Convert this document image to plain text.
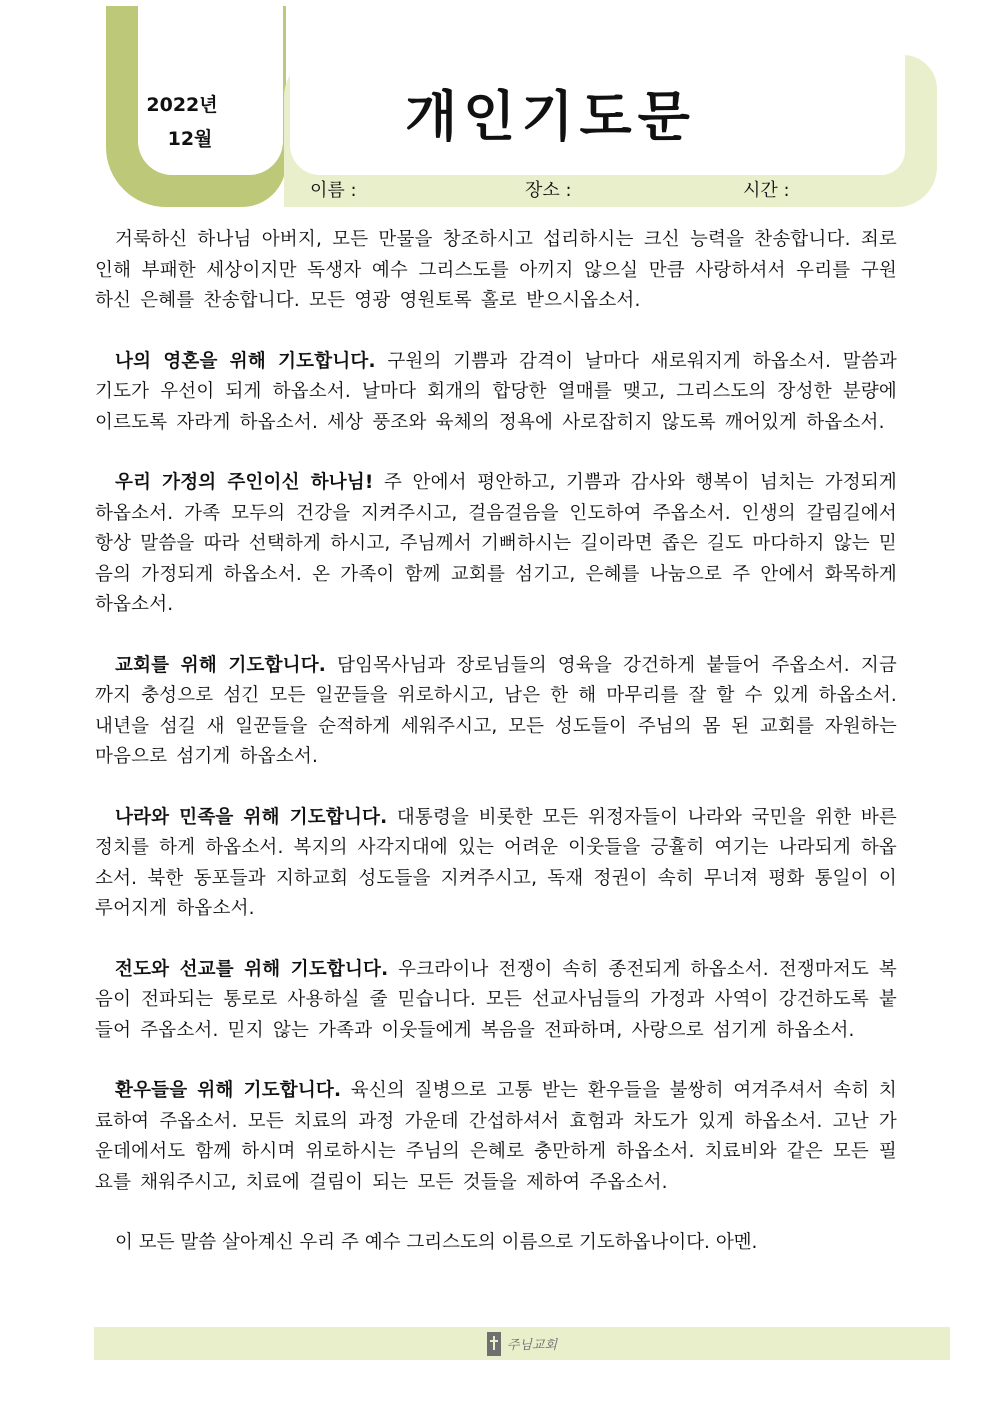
2022년
12월	개인기도문
이름 :	장소 :	시간 :

거룩하신 하나님 아버지, 모든 만물을 창조하시고 섭리하시는 크신 능력을 찬송합니다. 죄로 인해 부패한 세상이지만 독생자 예수 그리스도를 아끼지 않으실 만큼 사랑하셔서 우리를 구원하신 은혜를 찬송합니다. 모든 영광 영원토록 홀로 받으시옵소서.

나의 영혼을 위해 기도합니다. 구원의 기쁨과 감격이 날마다 새로워지게 하옵소서. 말씀과 기도가 우선이 되게 하옵소서. 날마다 회개의 합당한 열매를 맺고, 그리스도의 장성한 분량에 이르도록 자라게 하옵소서. 세상 풍조와 육체의 정욕에 사로잡히지 않도록 깨어있게 하옵소서.

우리 가정의 주인이신 하나님! 주 안에서 평안하고, 기쁨과 감사와 행복이 넘치는 가정되게 하옵소서. 가족 모두의 건강을 지켜주시고, 걸음걸음을 인도하여 주옵소서. 인생의 갈림길에서 항상 말씀을 따라 선택하게 하시고, 주님께서 기뻐하시는 길이라면 좁은 길도 마다하지 않는 믿음의 가정되게 하옵소서. 온 가족이 함께 교회를 섬기고, 은혜를 나눔으로 주 안에서 화목하게 하옵소서.

교회를 위해 기도합니다. 담임목사님과 장로님들의 영육을 강건하게 붙들어 주옵소서. 지금까지 충성으로 섬긴 모든 일꾼들을 위로하시고, 남은 한 해 마무리를 잘 할 수 있게 하옵소서. 내년을 섬길 새 일꾼들을 순적하게 세워주시고, 모든 성도들이 주님의 몸 된 교회를 자원하는 마음으로 섬기게 하옵소서.

나라와 민족을 위해 기도합니다. 대통령을 비롯한 모든 위정자들이 나라와 국민을 위한 바른 정치를 하게 하옵소서. 복지의 사각지대에 있는 어려운 이웃들을 긍휼히 여기는 나라되게 하옵소서. 북한 동포들과 지하교회 성도들을 지켜주시고, 독재 정권이 속히 무너져 평화 통일이 이루어지게 하옵소서.

전도와 선교를 위해 기도합니다. 우크라이나 전쟁이 속히 종전되게 하옵소서. 전쟁마저도 복음이 전파되는 통로로 사용하실 줄 믿습니다. 모든 선교사님들의 가정과 사역이 강건하도록 붙들어 주옵소서. 믿지 않는 가족과 이웃들에게 복음을 전파하며, 사랑으로 섬기게 하옵소서.

환우들을 위해 기도합니다. 육신의 질병으로 고통 받는 환우들을 불쌍히 여겨주셔서 속히 치료하여 주옵소서. 모든 치료의 과정 가운데 간섭하셔서 효험과 차도가 있게 하옵소서. 고난 가운데에서도 함께 하시며 위로하시는 주님의 은혜로 충만하게 하옵소서. 치료비와 같은 모든 필요를 채워주시고, 치료에 걸림이 되는 모든 것들을 제하여 주옵소서.

이 모든 말씀 살아계신 우리 주 예수 그리스도의 이름으로 기도하옵나이다. 아멘.

주님교회
